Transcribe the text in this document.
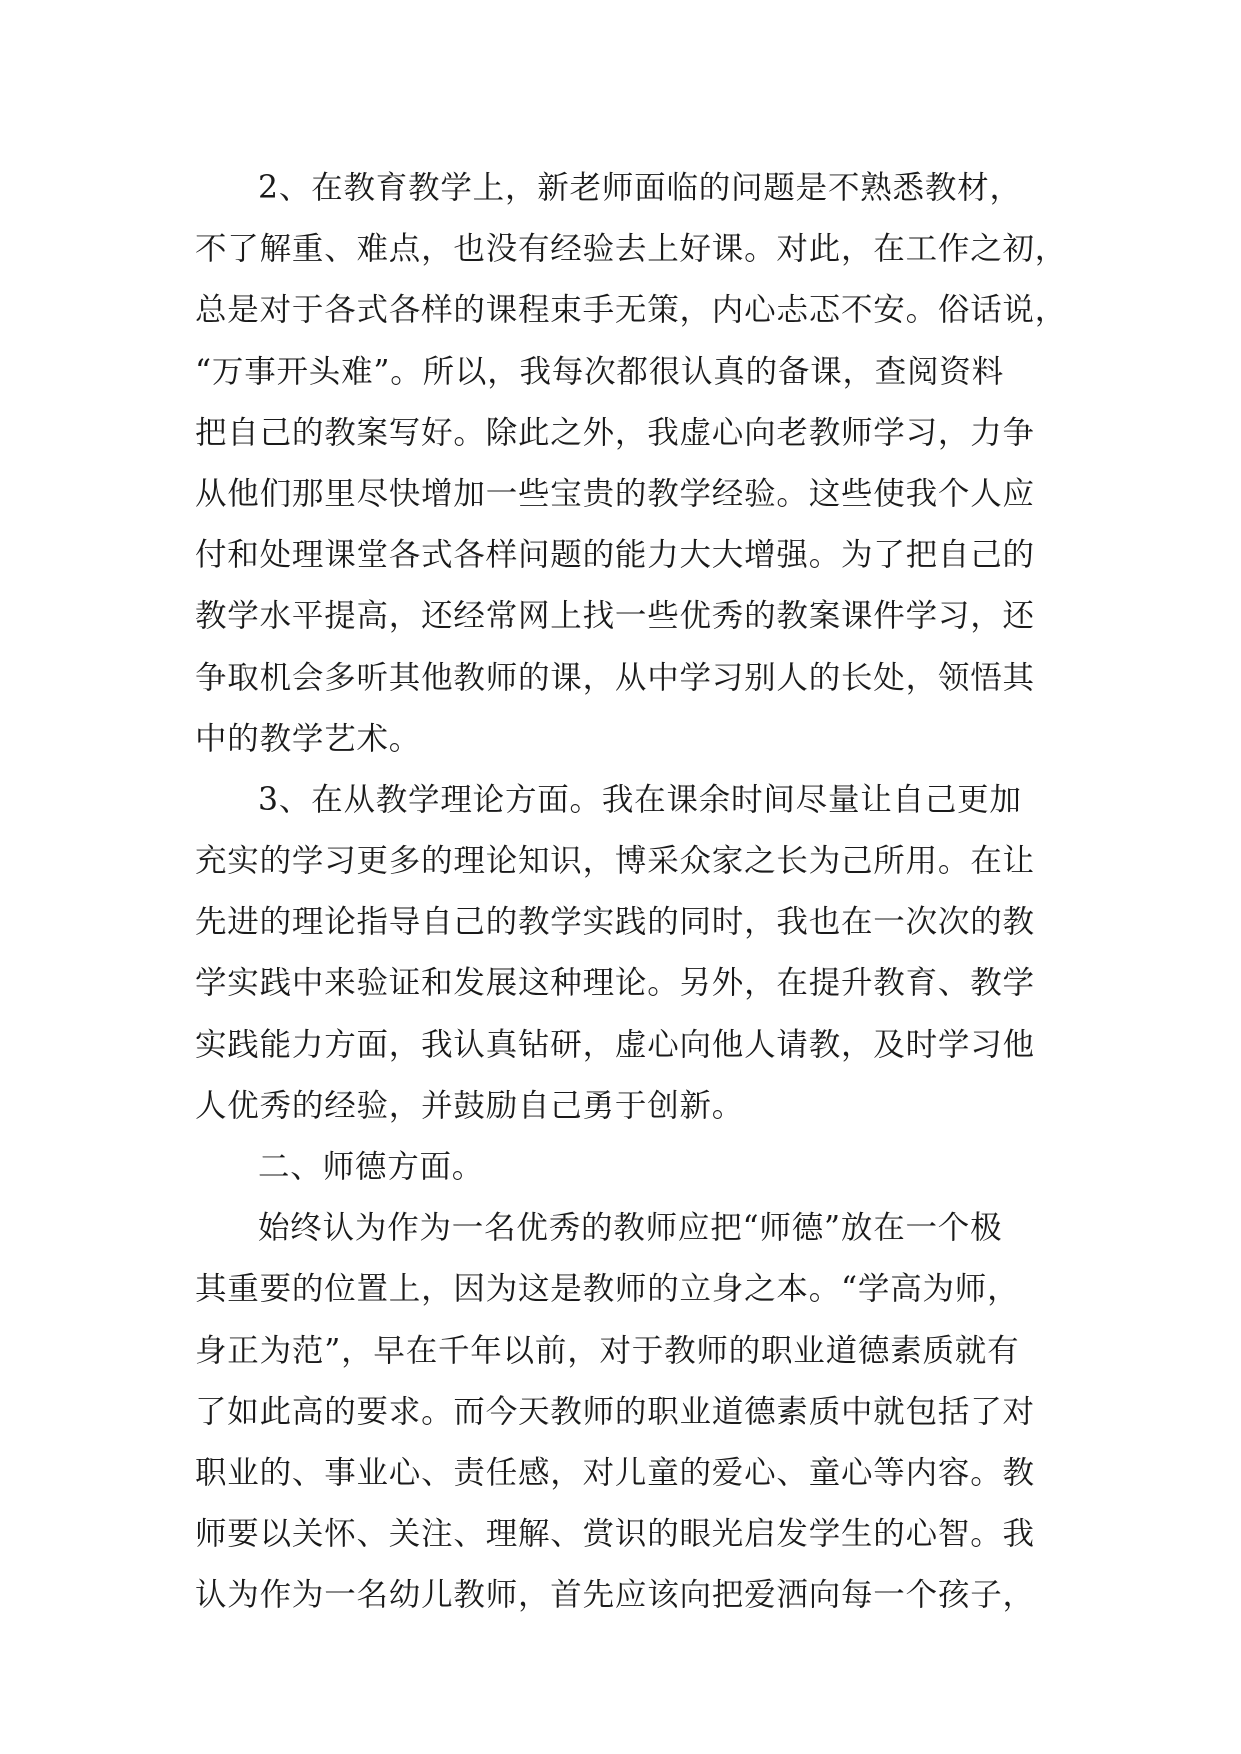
2、在教育教学上，新老师面临的问题是不熟悉教材，
不了解重、难点，也没有经验去上好课。对此，在工作之初，
总是对于各式各样的课程束手无策，内心忐忑不安。俗话说，
“万事开头难”。所以，我每次都很认真的备课，查阅资料
把自己的教案写好。除此之外，我虚心向老教师学习，力争
从他们那里尽快增加一些宝贵的教学经验。这些使我个人应
付和处理课堂各式各样问题的能力大大增强。为了把自己的
教学水平提高，还经常网上找一些优秀的教案课件学习，还
争取机会多听其他教师的课，从中学习别人的长处，领悟其
中的教学艺术。
3、在从教学理论方面。我在课余时间尽量让自己更加
充实的学习更多的理论知识，博采众家之长为己所用。在让
先进的理论指导自己的教学实践的同时，我也在一次次的教
学实践中来验证和发展这种理论。另外，在提升教育、教学
实践能力方面，我认真钻研，虚心向他人请教，及时学习他
人优秀的经验，并鼓励自己勇于创新。
二、师德方面。
始终认为作为一名优秀的教师应把“师德”放在一个极
其重要的位置上，因为这是教师的立身之本。“学高为师，
身正为范”，早在千年以前，对于教师的职业道德素质就有
了如此高的要求。而今天教师的职业道德素质中就包括了对
职业的、事业心、责任感，对儿童的爱心、童心等内容。教
师要以关怀、关注、理解、赏识的眼光启发学生的心智。我
认为作为一名幼儿教师，首先应该向把爱洒向每一个孩子，
